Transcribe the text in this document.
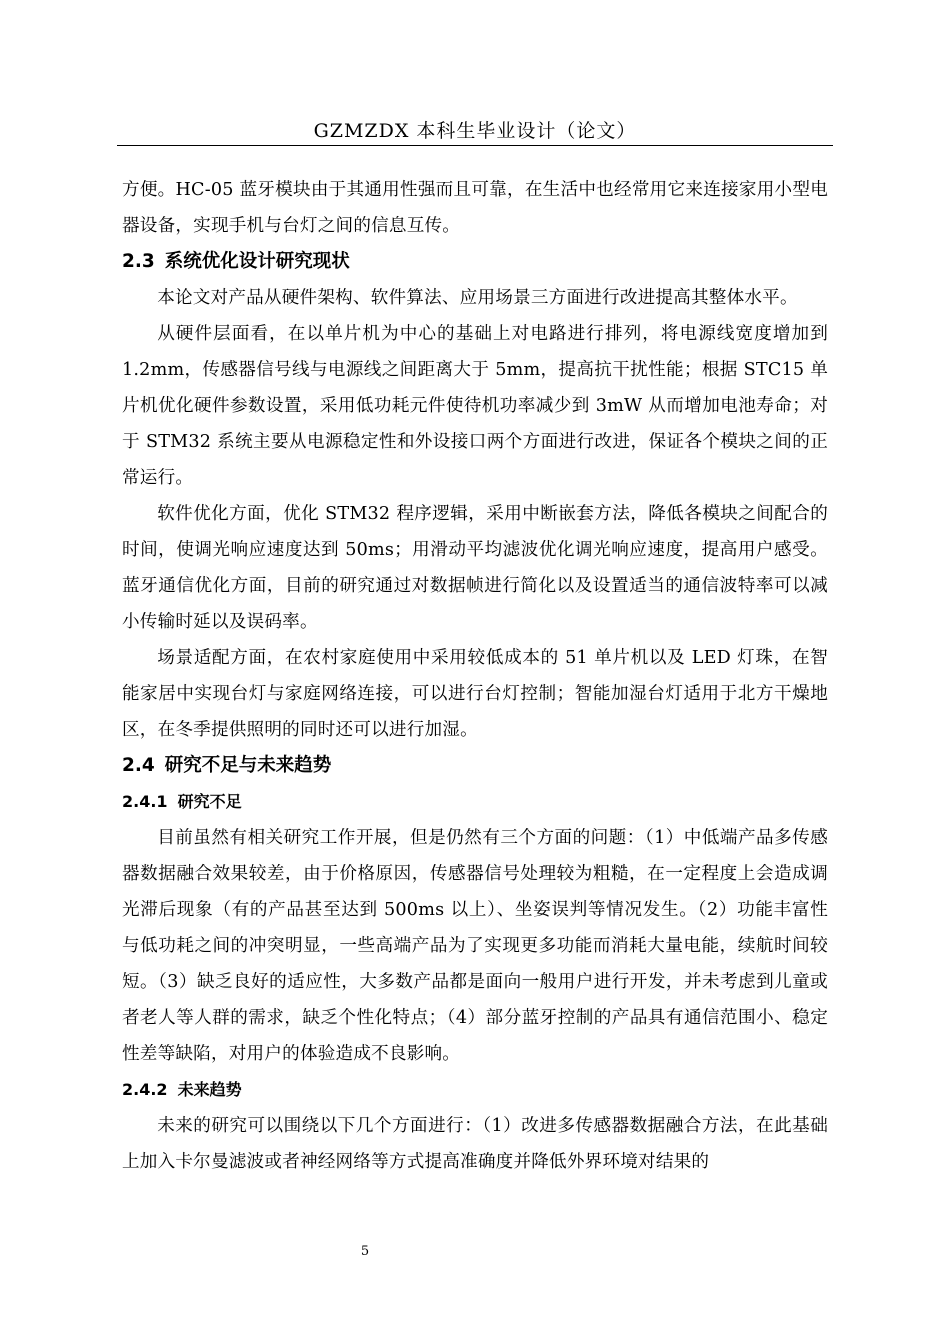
GZMZDX 本科生毕业设计（论文）

方便。HC-05 蓝牙模块由于其通用性强而且可靠，在生活中也经常用它来连接家用小型电器设备，实现手机与台灯之间的信息互传。

2.3 系统优化设计研究现状

本论文对产品从硬件架构、软件算法、应用场景三方面进行改进提高其整体水平。

从硬件层面看，在以单片机为中心的基础上对电路进行排列，将电源线宽度增加到 1.2mm，传感器信号线与电源线之间距离大于 5mm，提高抗干扰性能；根据 STC15 单片机优化硬件参数设置，采用低功耗元件使待机功率减少到 3mW 从而增加电池寿命；对于 STM32 系统主要从电源稳定性和外设接口两个方面进行改进，保证各个模块之间的正常运行。

软件优化方面，优化 STM32 程序逻辑，采用中断嵌套方法，降低各模块之间配合的时间，使调光响应速度达到 50ms；用滑动平均滤波优化调光响应速度，提高用户感受。蓝牙通信优化方面，目前的研究通过对数据帧进行简化以及设置适当的通信波特率可以减小传输时延以及误码率。

场景适配方面，在农村家庭使用中采用较低成本的 51 单片机以及 LED 灯珠，在智能家居中实现台灯与家庭网络连接，可以进行台灯控制；智能加湿台灯适用于北方干燥地区，在冬季提供照明的同时还可以进行加湿。

2.4 研究不足与未来趋势
2.4.1 研究不足

目前虽然有相关研究工作开展，但是仍然有三个方面的问题：（1）中低端产品多传感器数据融合效果较差，由于价格原因，传感器信号处理较为粗糙，在一定程度上会造成调光滞后现象（有的产品甚至达到 500ms 以上）、坐姿误判等情况发生。（2）功能丰富性与低功耗之间的冲突明显，一些高端产品为了实现更多功能而消耗大量电能，续航时间较短。（3）缺乏良好的适应性，大多数产品都是面向一般用户进行开发，并未考虑到儿童或者老人等人群的需求，缺乏个性化特点；（4）部分蓝牙控制的产品具有通信范围小、稳定性差等缺陷，对用户的体验造成不良影响。

2.4.2 未来趋势

未来的研究可以围绕以下几个方面进行：（1）改进多传感器数据融合方法，在此基础上加入卡尔曼滤波或者神经网络等方式提高准确度并降低外界环境对结果的

5
